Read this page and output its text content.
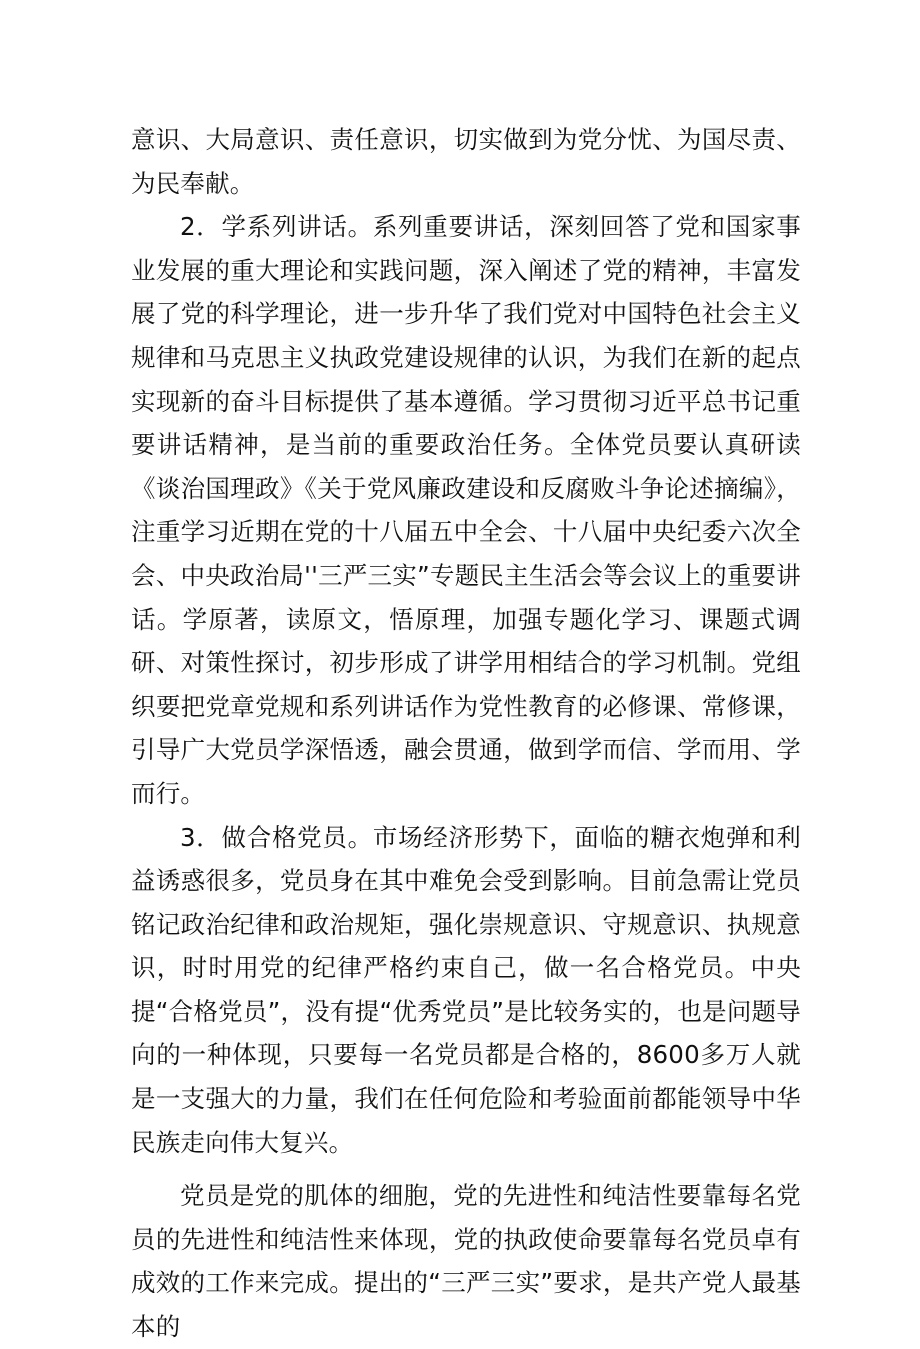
意识、大局意识、责任意识，切实做到为党分忧、为国尽责、为民奉献。

2．学系列讲话。系列重要讲话，深刻回答了党和国家事业发展的重大理论和实践问题，深入阐述了党的精神，丰富发展了党的科学理论，进一步升华了我们党对中国特色社会主义规律和马克思主义执政党建设规律的认识，为我们在新的起点实现新的奋斗目标提供了基本遵循。学习贯彻习近平总书记重要讲话精神，是当前的重要政治任务。全体党员要认真研读《谈治国理政》《关于党风廉政建设和反腐败斗争论述摘编》，注重学习近期在党的十八届五中全会、十八届中央纪委六次全会、中央政治局''三严三实”专题民主生活会等会议上的重要讲话。学原著，读原文，悟原理，加强专题化学习、课题式调研、对策性探讨，初步形成了讲学用相结合的学习机制。党组织要把党章党规和系列讲话作为党性教育的必修课、常修课，引导广大党员学深悟透，融会贯通，做到学而信、学而用、学而行。

3．做合格党员。市场经济形势下，面临的糖衣炮弹和利益诱惑很多，党员身在其中难免会受到影响。目前急需让党员铭记政治纪律和政治规矩，强化崇规意识、守规意识、执规意识，时时用党的纪律严格约束自己，做一名合格党员。中央提“合格党员”，没有提“优秀党员”是比较务实的，也是问题导向的一种体现，只要每一名党员都是合格的，8600多万人就是一支强大的力量，我们在任何危险和考验面前都能领导中华民族走向伟大复兴。

党员是党的肌体的细胞，党的先进性和纯洁性要靠每名党员的先进性和纯洁性来体现，党的执政使命要靠每名党员卓有成效的工作来完成。提出的“三严三实”要求，是共产党人最基本的
